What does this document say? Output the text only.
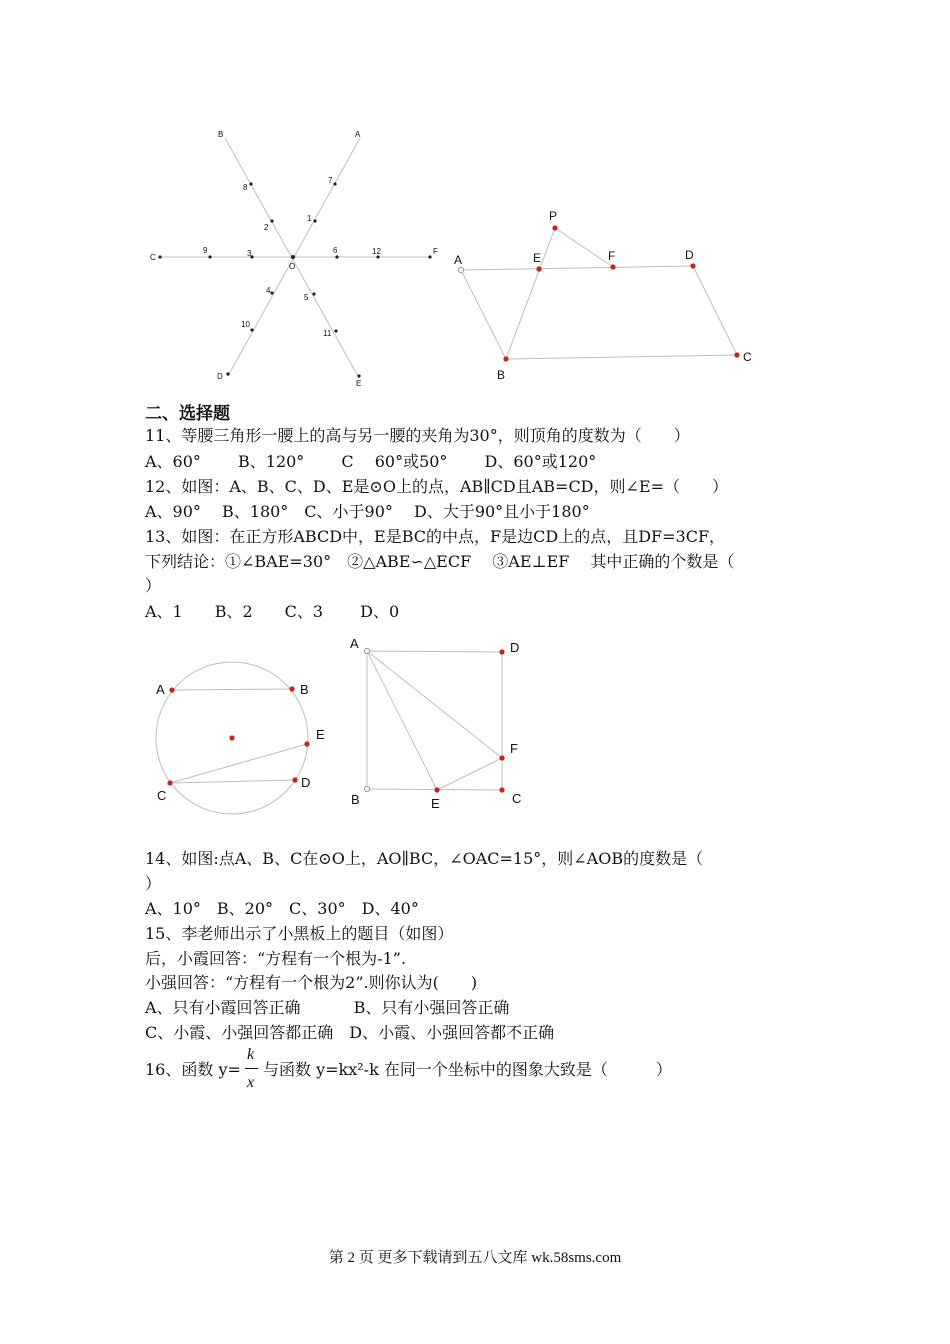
B	A
C
F
O
D
E
1
2
3
4
5
6
7
8
9
10
11
12
A
P
E	F	D
C
B
二、选择题
11、等腰三角形一腰上的高与另一腰的夹角为30°，则顶角的度数为（　　）
A、60°　　 B、120°　　 C　 60°或50°　　 D、60°或120°
12、如图：A、B、C、D、E是⊙O上的点，AB∥CD且AB=CD，则∠E=（　　）
A、90°　 B、180°　C、小于90°　 D、大于90°且小于180°
13、如图：在正方形ABCD中，E是BC的中点，F是边CD上的点，且DF=3CF，
下列结论：①∠BAE=30°　②△ABE∽△ECF　 ③AE⊥EF　 其中正确的个数是（
）
A、1　　B、2　　C、3　　 D、0
A	B
E
D
C
A	D
F
C
E
B
14、如图:点A、B、C在⊙O上，AO∥BC，∠OAC=15°，则∠AOB的度数是（
）
A、10°　B、20°　C、30°　D、40°
15、李老师出示了小黑板上的题目（如图）
后，小霞回答：“方程有一个根为-1”.
小强回答：“方程有一个根为2”.则你认为(　　)
A、只有小霞回答正确　　　 B、只有小强回答正确
C、小霞、小强回答都正确　D、小霞、小强回答都不正确
16、函数 y=
k
x
与函数 y=kx²-k 在同一个坐标中的图象大致是（　　　）
第 2 页 更多下载请到五八文库 wk.58sms.com
